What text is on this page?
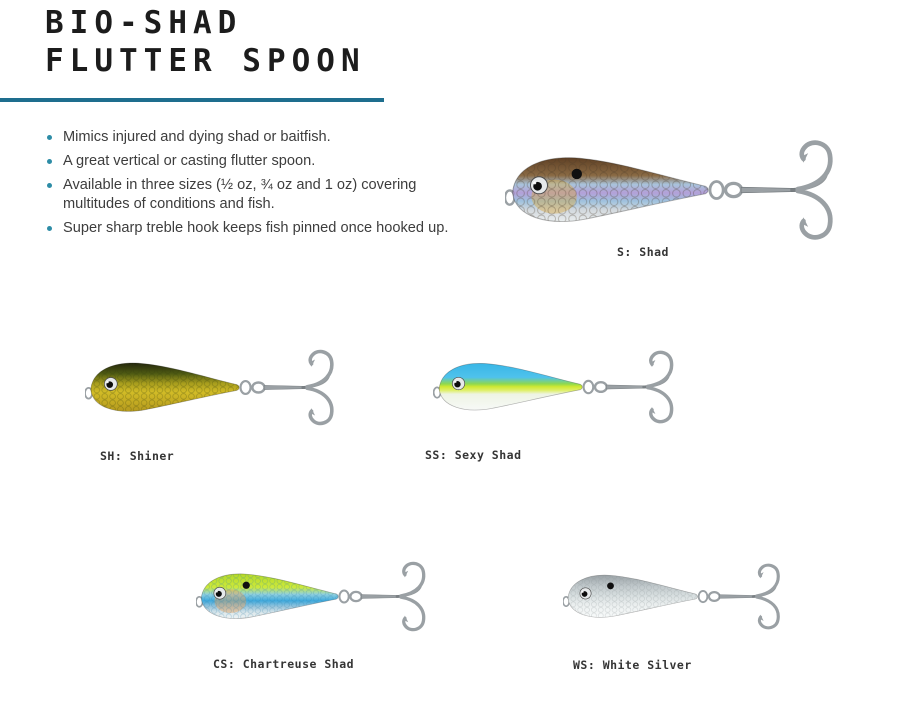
BIO-SHAD
FLUTTER SPOON
Mimics injured and dying shad or baitfish.
A great vertical or casting flutter spoon.
Available in three sizes (½ oz, ¾ oz and 1 oz) covering multitudes of conditions and fish.
Super sharp treble hook keeps fish pinned once hooked up.
S: Shad
SH: Shiner	SS: Sexy Shad
CS: Chartreuse Shad	WS: White Silver
